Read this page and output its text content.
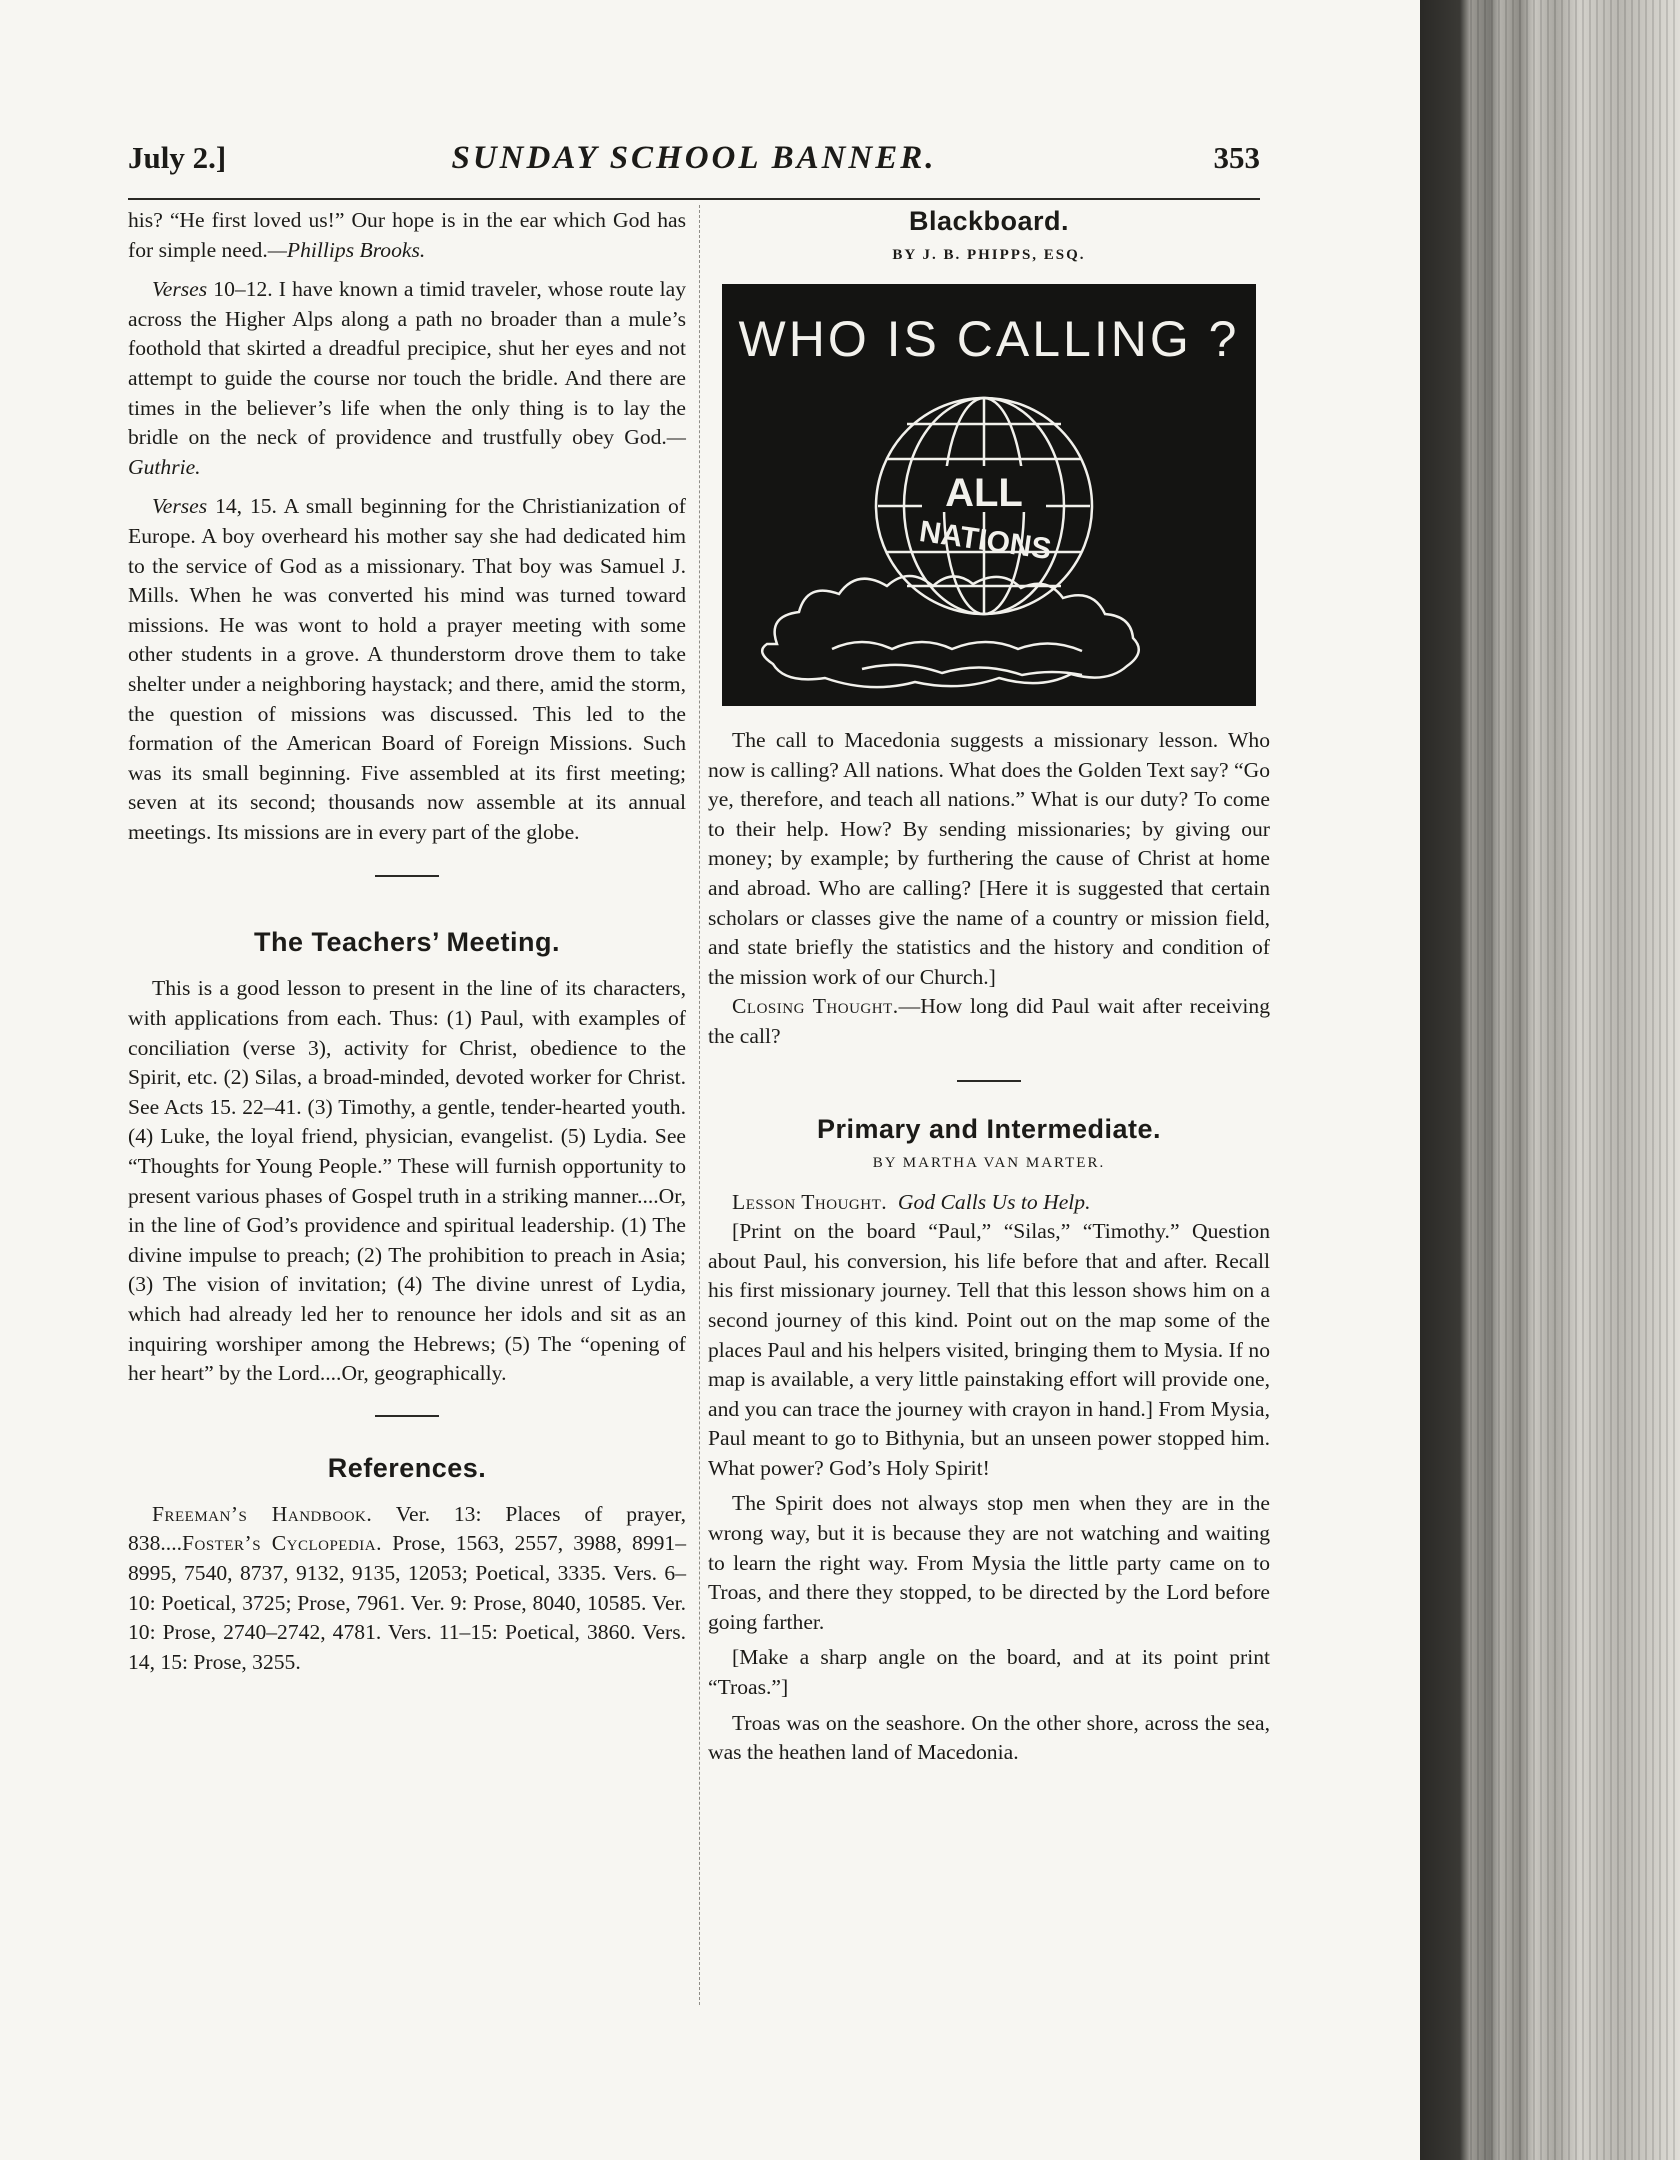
July 2.]	SUNDAY SCHOOL BANNER.	353

his? “He first loved us!” Our hope is in the ear which God has for simple need.—Phillips Brooks.

Verses 10–12. I have known a timid traveler, whose route lay across the Higher Alps along a path no broader than a mule’s foothold that skirted a dreadful precipice, shut her eyes and not attempt to guide the course nor touch the bridle. And there are times in the believer’s life when the only thing is to lay the bridle on the neck of providence and trustfully obey God.—Guthrie.

Verses 14, 15. A small beginning for the Christianization of Europe. A boy overheard his mother say she had dedicated him to the service of God as a missionary. That boy was Samuel J. Mills. When he was converted his mind was turned toward missions. He was wont to hold a prayer meeting with some other students in a grove. A thunderstorm drove them to take shelter under a neighboring haystack; and there, amid the storm, the question of missions was discussed. This led to the formation of the American Board of Foreign Missions. Such was its small beginning. Five assembled at its first meeting; seven at its second; thousands now assemble at its annual meetings. Its missions are in every part of the globe.

The Teachers’ Meeting.

This is a good lesson to present in the line of its characters, with applications from each. Thus: (1) Paul, with examples of conciliation (verse 3), activity for Christ, obedience to the Spirit, etc. (2) Silas, a broad-minded, devoted worker for Christ. See Acts 15. 22–41. (3) Timothy, a gentle, tender-hearted youth. (4) Luke, the loyal friend, physician, evangelist. (5) Lydia. See “Thoughts for Young People.” These will furnish opportunity to present various phases of Gospel truth in a striking manner....Or, in the line of God’s providence and spiritual leadership. (1) The divine impulse to preach; (2) The prohibition to preach in Asia; (3) The vision of invitation; (4) The divine unrest of Lydia, which had already led her to renounce her idols and sit as an inquiring worshiper among the Hebrews; (5) The “opening of her heart” by the Lord....Or, geographically.

References.

Freeman’s Handbook. Ver. 13: Places of prayer, 838....Foster’s Cyclopedia. Prose, 1563, 2557, 3988, 8991–8995, 7540, 8737, 9132, 9135, 12053; Poetical, 3335. Vers. 6–10: Poetical, 3725; Prose, 7961. Ver. 9: Prose, 8040, 10585. Ver. 10: Prose, 2740–2742, 4781. Vers. 11–15: Poetical, 3860. Vers. 14, 15: Prose, 3255.

Blackboard.
BY J. B. PHIPPS, ESQ.
WHO IS CALLING ?
ALL
NATIONS

The call to Macedonia suggests a missionary lesson. Who now is calling? All nations. What does the Golden Text say? “Go ye, therefore, and teach all nations.” What is our duty? To come to their help. How? By sending missionaries; by giving our money; by example; by furthering the cause of Christ at home and abroad. Who are calling? [Here it is suggested that certain scholars or classes give the name of a country or mission field, and state briefly the statistics and the history and condition of the mission work of our Church.]

Closing Thought.—How long did Paul wait after receiving the call?

Primary and Intermediate.
BY MARTHA VAN MARTER.

Lesson Thought. God Calls Us to Help.

[Print on the board “Paul,” “Silas,” “Timothy.” Question about Paul, his conversion, his life before that and after. Recall his first missionary journey. Tell that this lesson shows him on a second journey of this kind. Point out on the map some of the places Paul and his helpers visited, bringing them to Mysia. If no map is available, a very little painstaking effort will provide one, and you can trace the journey with crayon in hand.] From Mysia, Paul meant to go to Bithynia, but an unseen power stopped him. What power? God’s Holy Spirit!

The Spirit does not always stop men when they are in the wrong way, but it is because they are not watching and waiting to learn the right way. From Mysia the little party came on to Troas, and there they stopped, to be directed by the Lord before going farther.

[Make a sharp angle on the board, and at its point print “Troas.”]

Troas was on the seashore. On the other shore, across the sea, was the heathen land of Macedonia.
